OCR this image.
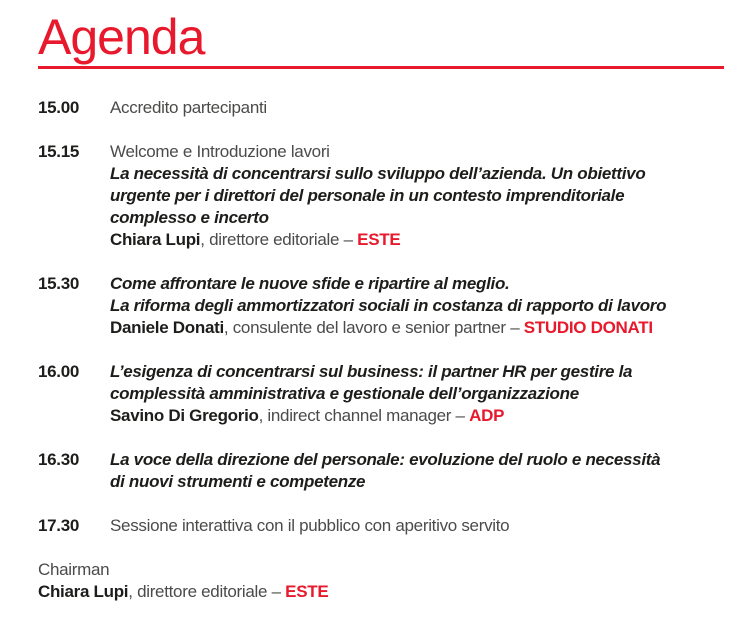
Agenda
15.00	Accredito partecipanti
15.15	Welcome e Introduzione lavori
La necessità di concentrarsi sullo sviluppo dell’azienda. Un obiettivo
urgente per i direttori del personale in un contesto imprenditoriale
complesso e incerto
Chiara Lupi, direttore editoriale – ESTE
15.30	Come affrontare le nuove sfide e ripartire al meglio.
La riforma degli ammortizzatori sociali in costanza di rapporto di lavoro
Daniele Donati, consulente del lavoro e senior partner – STUDIO DONATI
16.00	L’esigenza di concentrarsi sul business: il partner HR per gestire la
complessità amministrativa e gestionale dell’organizzazione
Savino Di Gregorio, indirect channel manager – ADP
16.30	La voce della direzione del personale: evoluzione del ruolo e necessità
di nuovi strumenti e competenze
17.30	Sessione interattiva con il pubblico con aperitivo servito
Chairman
Chiara Lupi, direttore editoriale – ESTE
